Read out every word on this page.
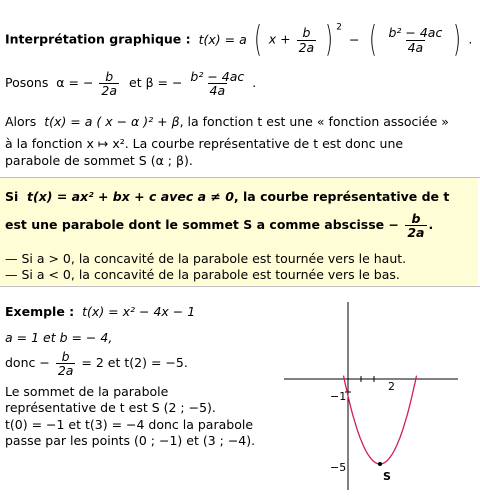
Interprétation graphique : t(x) = a ( $x + \frac{b}{2a}$ ) $^2$ − ( $\frac{\text{b² − 4ac}}{4a}$ ) .
Posons α = − $\frac{b}{2a}$ et β = − $\frac{\text{b² − 4ac}}{4a}$ .
Alors t(x) = a ( x − α )² + β, la fonction t est une « fonction associée »
à la fonction x ↦ x². La courbe représentative de t est donc une
parabole de sommet S (α ; β).
Si t(x) = ax² + bx + c avec a ≠ 0, la courbe représentative de t
est une parabole dont le sommet S a comme abscisse − $\frac{b}{2a}$ .
— Si a > 0, la concavité de la parabole est tournée vers le haut.
— Si a < 0, la concavité de la parabole est tournée vers le bas.
Exemple : t(x) = x² − 4x − 1
a = 1 et b = − 4,
donc − $\frac{b}{2a} = 2$ et t(2) = −5.
Le sommet de la parabole
représentative de t est S (2 ; −5).
t(0) = −1 et t(3) = −4 donc la parabole
passe par les points (0 ; −1) et (3 ; −4).
2
−1
−5
S
